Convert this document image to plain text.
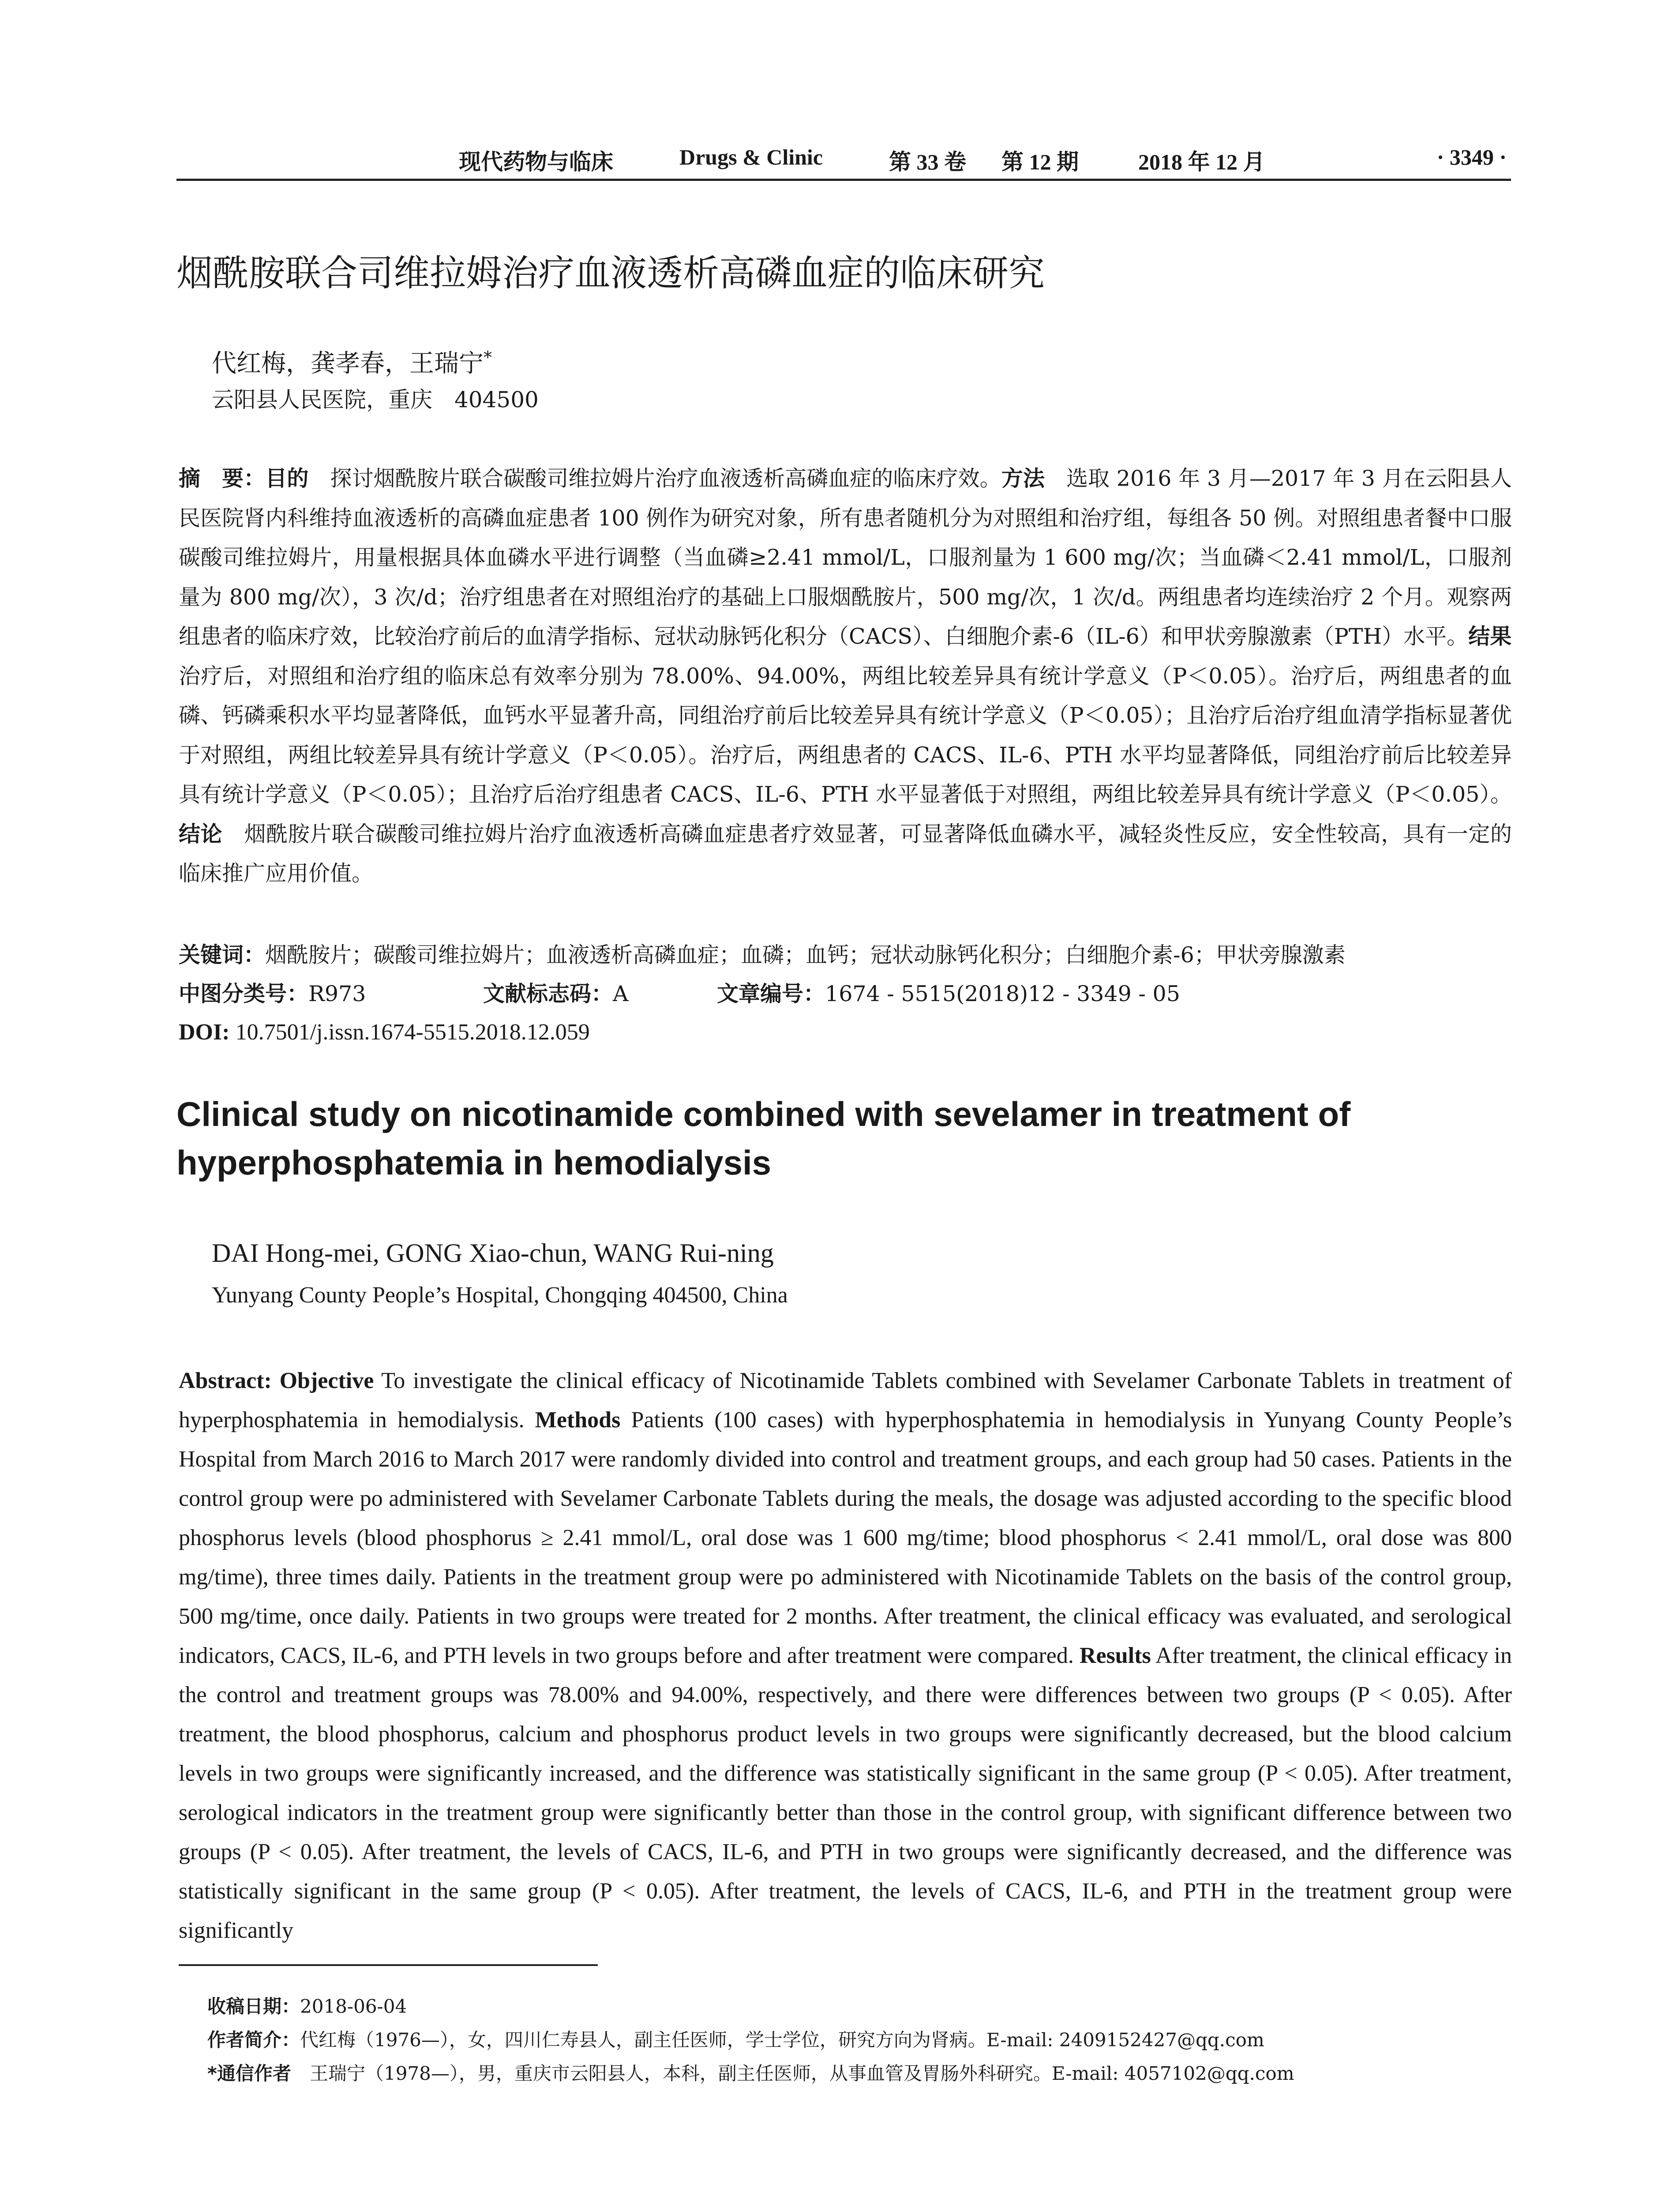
现代药物与临床	Drugs & Clinic	第 33 卷 第 12 期	2018 年 12 月	· 3349 ·
烟酰胺联合司维拉姆治疗血液透析高磷血症的临床研究
代红梅，龚孝春，王瑞宁*
云阳县人民医院，重庆　404500
摘　要：目的　探讨烟酰胺片联合碳酸司维拉姆片治疗血液透析高磷血症的临床疗效。方法　选取 2016 年 3 月—2017 年 3 月在云阳县人民医院肾内科维持血液透析的高磷血症患者 100 例作为研究对象，所有患者随机分为对照组和治疗组，每组各 50 例。对照组患者餐中口服碳酸司维拉姆片，用量根据具体血磷水平进行调整（当血磷≥2.41 mmol/L，口服剂量为 1 600 mg/次；当血磷＜2.41 mmol/L，口服剂量为 800 mg/次），3 次/d；治疗组患者在对照组治疗的基础上口服烟酰胺片，500 mg/次，1 次/d。两组患者均连续治疗 2 个月。观察两组患者的临床疗效，比较治疗前后的血清学指标、冠状动脉钙化积分（CACS）、白细胞介素-6（IL-6）和甲状旁腺激素（PTH）水平。结果　治疗后，对照组和治疗组的临床总有效率分别为 78.00%、94.00%，两组比较差异具有统计学意义（P＜0.05）。治疗后，两组患者的血磷、钙磷乘积水平均显著降低，血钙水平显著升高，同组治疗前后比较差异具有统计学意义（P＜0.05）；且治疗后治疗组血清学指标显著优于对照组，两组比较差异具有统计学意义（P＜0.05）。治疗后，两组患者的 CACS、IL-6、PTH 水平均显著降低，同组治疗前后比较差异具有统计学意义（P＜0.05）；且治疗后治疗组患者 CACS、IL-6、PTH 水平显著低于对照组，两组比较差异具有统计学意义（P＜0.05）。结论　烟酰胺片联合碳酸司维拉姆片治疗血液透析高磷血症患者疗效显著，可显著降低血磷水平，减轻炎性反应，安全性较高，具有一定的临床推广应用价值。
关键词：烟酰胺片；碳酸司维拉姆片；血液透析高磷血症；血磷；血钙；冠状动脉钙化积分；白细胞介素-6；甲状旁腺激素
中图分类号：R973	文献标志码：A	文章编号：1674 - 5515(2018)12 - 3349 - 05
DOI: 10.7501/j.issn.1674-5515.2018.12.059
Clinical study on nicotinamide combined with sevelamer in treatment of hyperphosphatemia in hemodialysis
DAI Hong-mei, GONG Xiao-chun, WANG Rui-ning
Yunyang County People’s Hospital, Chongqing 404500, China
Abstract: Objective To investigate the clinical efficacy of Nicotinamide Tablets combined with Sevelamer Carbonate Tablets in treatment of hyperphosphatemia in hemodialysis. Methods Patients (100 cases) with hyperphosphatemia in hemodialysis in Yunyang County People’s Hospital from March 2016 to March 2017 were randomly divided into control and treatment groups, and each group had 50 cases. Patients in the control group were po administered with Sevelamer Carbonate Tablets during the meals, the dosage was adjusted according to the specific blood phosphorus levels (blood phosphorus ≥ 2.41 mmol/L, oral dose was 1 600 mg/time; blood phosphorus < 2.41 mmol/L, oral dose was 800 mg/time), three times daily. Patients in the treatment group were po administered with Nicotinamide Tablets on the basis of the control group, 500 mg/time, once daily. Patients in two groups were treated for 2 months. After treatment, the clinical efficacy was evaluated, and serological indicators, CACS, IL-6, and PTH levels in two groups before and after treatment were compared. Results After treatment, the clinical efficacy in the control and treatment groups was 78.00% and 94.00%, respectively, and there were differences between two groups (P < 0.05). After treatment, the blood phosphorus, calcium and phosphorus product levels in two groups were significantly decreased, but the blood calcium levels in two groups were significantly increased, and the difference was statistically significant in the same group (P < 0.05). After treatment, serological indicators in the treatment group were significantly better than those in the control group, with significant difference between two groups (P < 0.05). After treatment, the levels of CACS, IL-6, and PTH in two groups were significantly decreased, and the difference was statistically significant in the same group (P < 0.05). After treatment, the levels of CACS, IL-6, and PTH in the treatment group were significantly
收稿日期：2018-06-04
作者简介：代红梅（1976—），女，四川仁寿县人，副主任医师，学士学位，研究方向为肾病。E-mail: 2409152427@qq.com
*通信作者　王瑞宁（1978—），男，重庆市云阳县人，本科，副主任医师，从事血管及胃肠外科研究。E-mail: 4057102@qq.com
